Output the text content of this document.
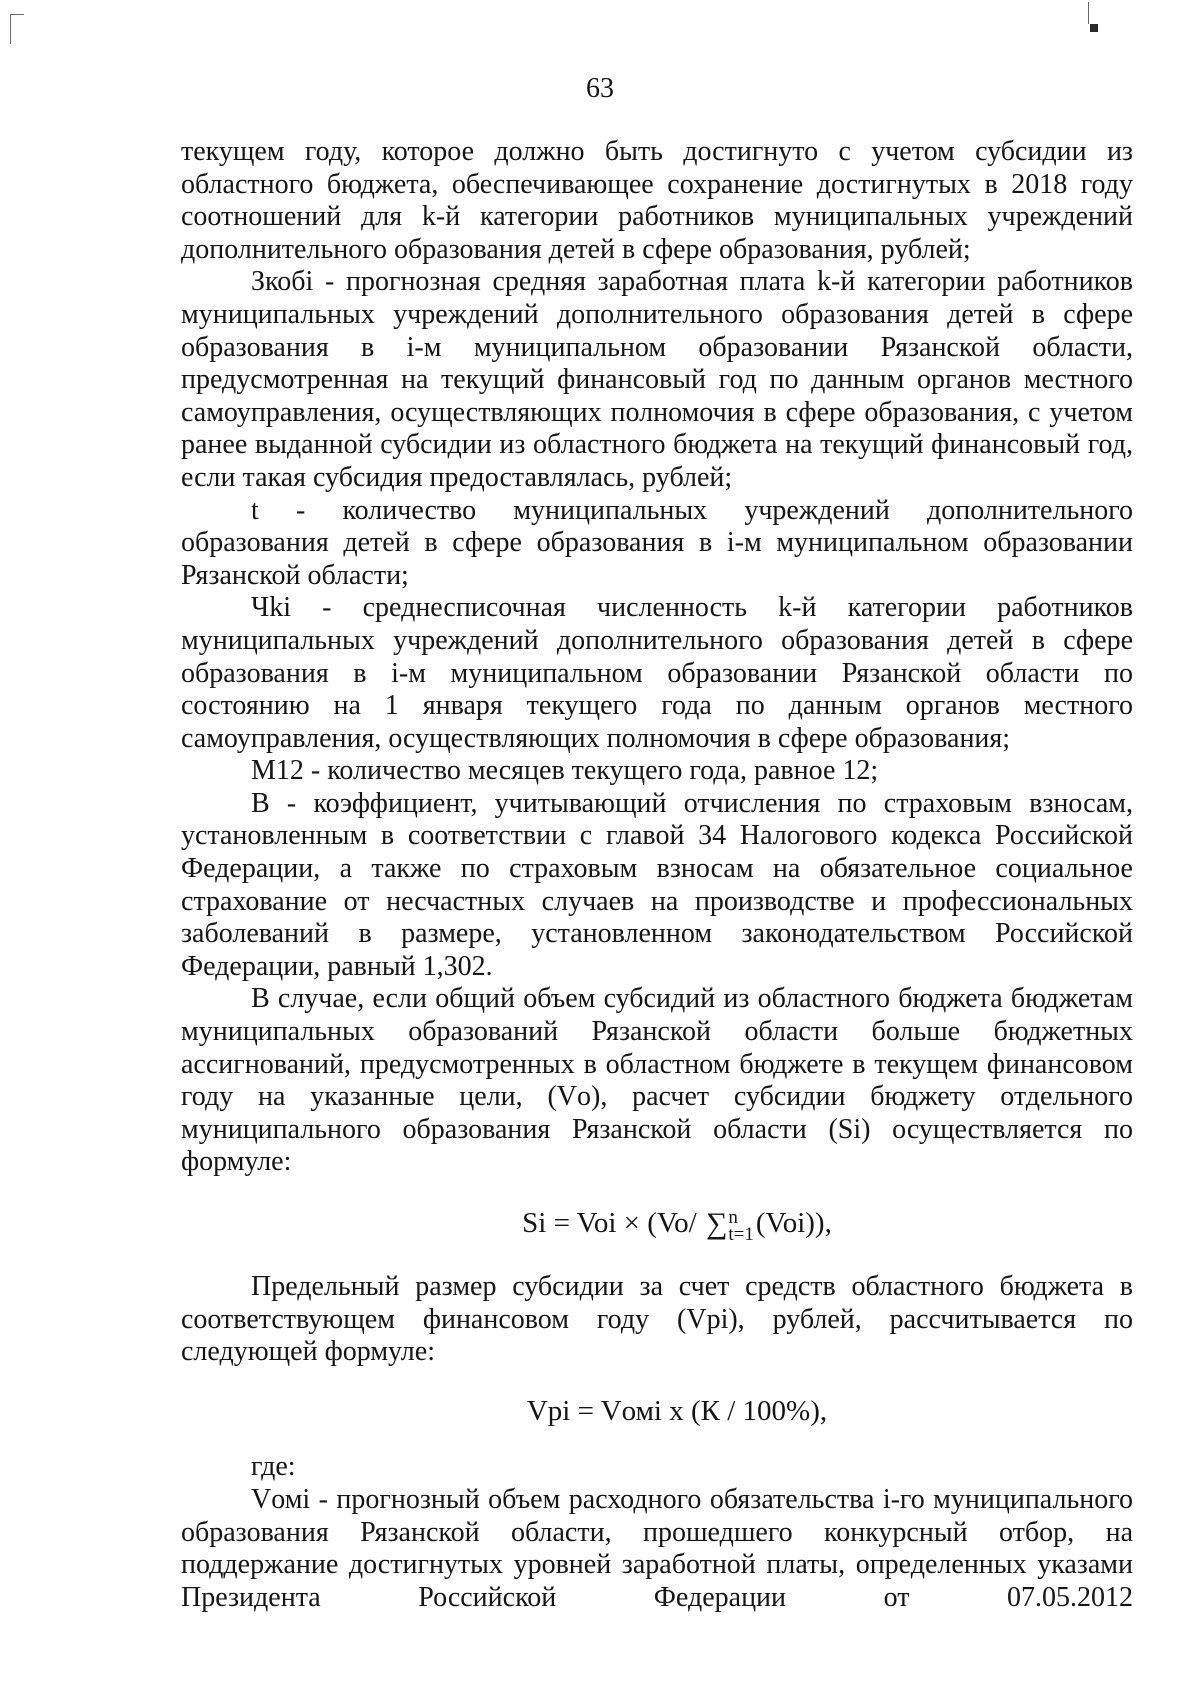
63

текущем году, которое должно быть достигнуто с учетом субсидии из областного бюджета, обеспечивающее сохранение достигнутых в 2018 году соотношений для k-й категории работников муниципальных учреждений дополнительного образования детей в сфере образования, рублей;

Зкобi - прогнозная средняя заработная плата k-й категории работников муниципальных учреждений дополнительного образования детей в сфере образования в i-м муниципальном образовании Рязанской области, предусмотренная на текущий финансовый год по данным органов местного самоуправления, осуществляющих полномочия в сфере образования, с учетом ранее выданной субсидии из областного бюджета на текущий финансовый год, если такая субсидия предоставлялась, рублей;

t - количество муниципальных учреждений дополнительного образования детей в сфере образования в i-м муниципальном образовании Рязанской области;

Чki - среднесписочная численность k-й категории работников муниципальных учреждений дополнительного образования детей в сфере образования в i-м муниципальном образовании Рязанской области по состоянию на 1 января текущего года по данным органов местного самоуправления, осуществляющих полномочия в сфере образования;

М12 - количество месяцев текущего года, равное 12;

В - коэффициент, учитывающий отчисления по страховым взносам, установленным в соответствии с главой 34 Налогового кодекса Российской Федерации, а также по страховым взносам на обязательное социальное страхование от несчастных случаев на производстве и профессиональных заболеваний в размере, установленном законодательством Российской Федерации, равный 1,302.

В случае, если общий объем субсидий из областного бюджета бюджетам муниципальных образований Рязанской области больше бюджетных ассигнований, предусмотренных в областном бюджете в текущем финансовом году на указанные цели, (Vо), расчет субсидии бюджету отдельного муниципального образования Рязанской области (Si) осуществляется по формуле:

Si = Voi × (Vo/ ∑ n
t=1 (Voi)),

Предельный размер субсидии за счет средств областного бюджета в соответствующем финансовом году (Vpi), рублей, рассчитывается по следующей формуле:

Vpi = Vомi x (К / 100%),

где:

Vомi - прогнозный объем расходного обязательства i-го муниципального образования Рязанской области, прошедшего конкурсный отбор, на поддержание достигнутых уровней заработной платы, определенных указами Президента Российской Федерации от 07.05.2012
